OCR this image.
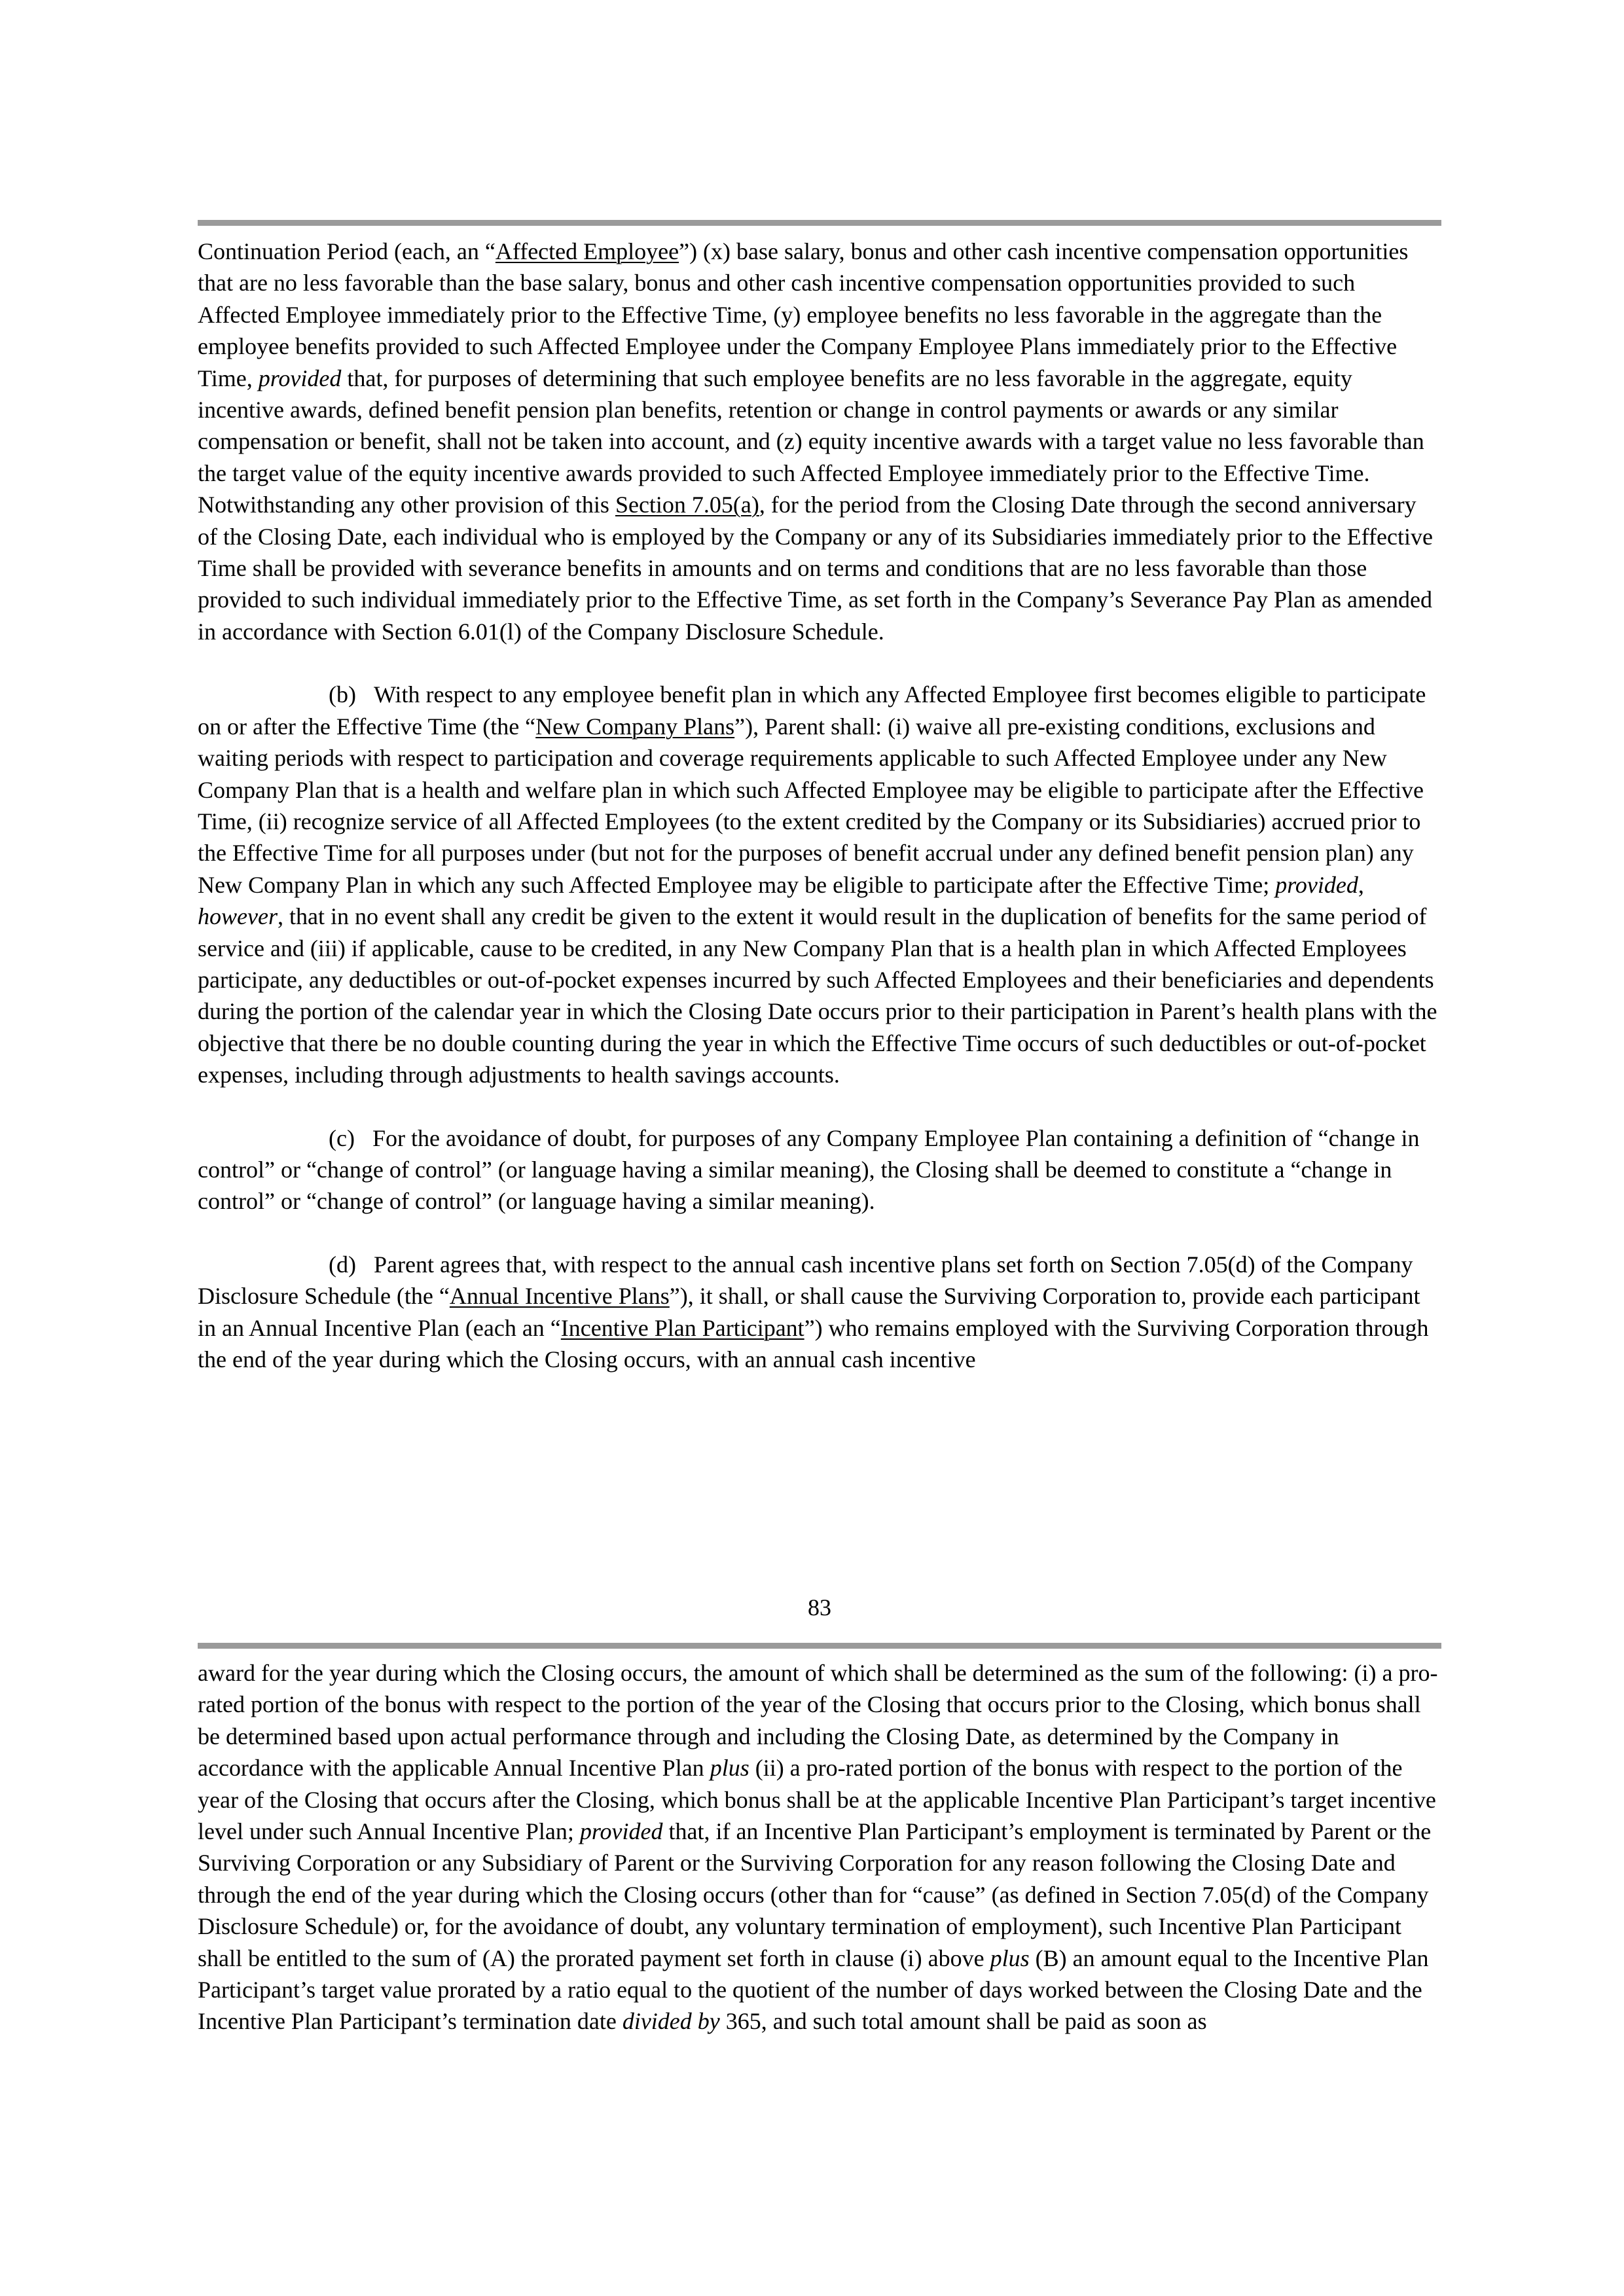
Continuation Period (each, an “Affected Employee”) (x) base salary, bonus and other cash incentive compensation opportunities that are no less favorable than the base salary, bonus and other cash incentive compensation opportunities provided to such Affected Employee immediately prior to the Effective Time, (y) employee benefits no less favorable in the aggregate than the employee benefits provided to such Affected Employee under the Company Employee Plans immediately prior to the Effective Time, provided that, for purposes of determining that such employee benefits are no less favorable in the aggregate, equity incentive awards, defined benefit pension plan benefits, retention or change in control payments or awards or any similar compensation or benefit, shall not be taken into account, and (z) equity incentive awards with a target value no less favorable than the target value of the equity incentive awards provided to such Affected Employee immediately prior to the Effective Time. Notwithstanding any other provision of this Section 7.05(a), for the period from the Closing Date through the second anniversary of the Closing Date, each individual who is employed by the Company or any of its Subsidiaries immediately prior to the Effective Time shall be provided with severance benefits in amounts and on terms and conditions that are no less favorable than those provided to such individual immediately prior to the Effective Time, as set forth in the Company’s Severance Pay Plan as amended in accordance with Section 6.01(l) of the Company Disclosure Schedule.

(b)   With respect to any employee benefit plan in which any Affected Employee first becomes eligible to participate on or after the Effective Time (the “New Company Plans”), Parent shall: (i) waive all pre-existing conditions, exclusions and waiting periods with respect to participation and coverage requirements applicable to such Affected Employee under any New Company Plan that is a health and welfare plan in which such Affected Employee may be eligible to participate after the Effective Time, (ii) recognize service of all Affected Employees (to the extent credited by the Company or its Subsidiaries) accrued prior to the Effective Time for all purposes under (but not for the purposes of benefit accrual under any defined benefit pension plan) any New Company Plan in which any such Affected Employee may be eligible to participate after the Effective Time; provided, however, that in no event shall any credit be given to the extent it would result in the duplication of benefits for the same period of service and (iii) if applicable, cause to be credited, in any New Company Plan that is a health plan in which Affected Employees participate, any deductibles or out-of-pocket expenses incurred by such Affected Employees and their beneficiaries and dependents during the portion of the calendar year in which the Closing Date occurs prior to their participation in Parent’s health plans with the objective that there be no double counting during the year in which the Effective Time occurs of such deductibles or out-of-pocket expenses, including through adjustments to health savings accounts.

(c)   For the avoidance of doubt, for purposes of any Company Employee Plan containing a definition of “change in control” or “change of control” (or language having a similar meaning), the Closing shall be deemed to constitute a “change in control” or “change of control” (or language having a similar meaning).

(d)   Parent agrees that, with respect to the annual cash incentive plans set forth on Section 7.05(d) of the Company Disclosure Schedule (the “Annual Incentive Plans”), it shall, or shall cause the Surviving Corporation to, provide each participant in an Annual Incentive Plan (each an “Incentive Plan Participant”) who remains employed with the Surviving Corporation through the end of the year during which the Closing occurs, with an annual cash incentive

83

award for the year during which the Closing occurs, the amount of which shall be determined as the sum of the following: (i) a pro-rated portion of the bonus with respect to the portion of the year of the Closing that occurs prior to the Closing, which bonus shall be determined based upon actual performance through and including the Closing Date, as determined by the Company in accordance with the applicable Annual Incentive Plan plus (ii) a pro-rated portion of the bonus with respect to the portion of the year of the Closing that occurs after the Closing, which bonus shall be at the applicable Incentive Plan Participant’s target incentive level under such Annual Incentive Plan; provided that, if an Incentive Plan Participant’s employment is terminated by Parent or the Surviving Corporation or any Subsidiary of Parent or the Surviving Corporation for any reason following the Closing Date and through the end of the year during which the Closing occurs (other than for “cause” (as defined in Section 7.05(d) of the Company Disclosure Schedule) or, for the avoidance of doubt, any voluntary termination of employment), such Incentive Plan Participant shall be entitled to the sum of (A) the prorated payment set forth in clause (i) above plus (B) an amount equal to the Incentive Plan Participant’s target value prorated by a ratio equal to the quotient of the number of days worked between the Closing Date and the Incentive Plan Participant’s termination date divided by 365, and such total amount shall be paid as soon as
